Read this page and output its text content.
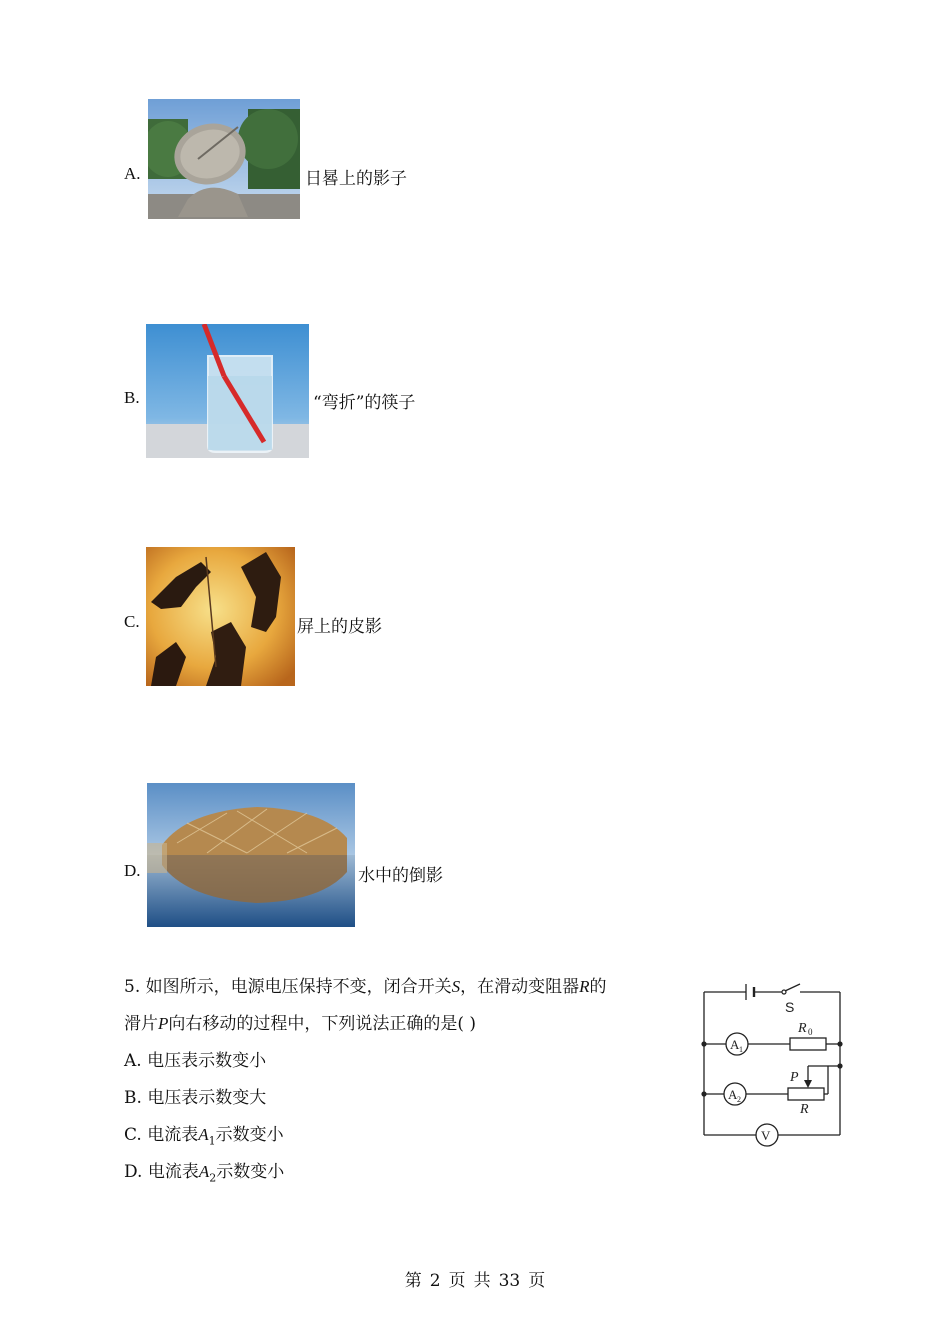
A.	日晷上的影子
B.	“弯折”的筷子
C.	屏上的皮影
D.	水中的倒影
5. 如图所示，电源电压保持不变，闭合开关S，在滑动变阻器R的
滑片P向右移动的过程中，下列说法正确的是( )
A. 电压表示数变小
B. 电压表示数变大
C. 电流表$A_1$示数变小
D. 电流表$A_2$示数变小
S
A 1
R 0
A 2
P
R
V
第 2 页 共 33 页
